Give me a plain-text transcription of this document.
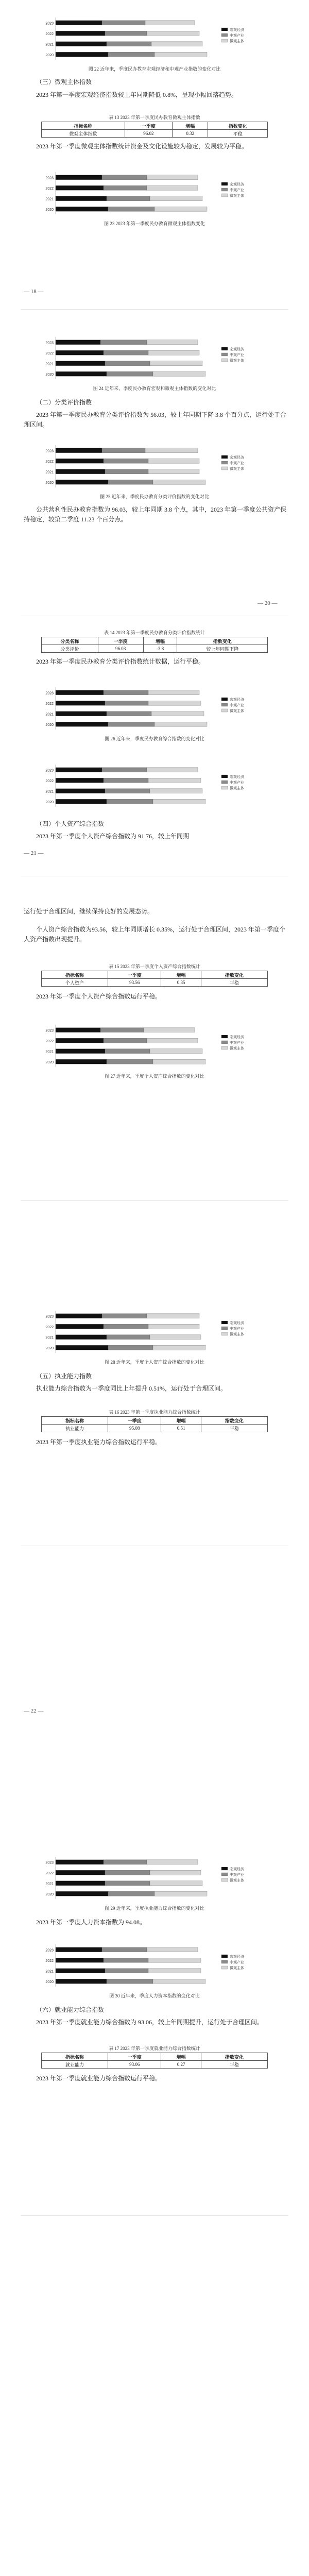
2023
2022
2021
2020
宏观经济
中观产业
微观主体
图 22 近年来，季度民办教育宏观经济和中观产业指数的变化对比
（三）微观主体指数
2023 年第一季度宏观经济指数较上年同期降低 0.8%，呈现小幅回落趋势。
表 13 2023 年第一季度民办教育微观主体指数
指标名称	一季度	增幅	指数变化
微观主体指数	96.02	0.32	平稳
2023 年第一季度微观主体指数统计资金及文化设施较为稳定，发展较为平稳。
2023
2022
2021
2020
宏观经济
中观产业
微观主体
图 23 2023 年第一季度民办教育微观主体指数变化
— 18 —
2023
2022
2021
2020
宏观经济
中观产业
微观主体
图 24 近年来，季度民办教育宏观和微观主体指数的变化对比
（二）分类评价指数
2023 年第一季度民办教育分类评价指数为 56.03，较上年同期下降 3.8 个百分点，运行处于合理区间。
2023
2022
2021
2020
宏观经济
中观产业
微观主体
图 25 近年来，季度民办教育分类评价指数的变化对比
公共营利性民办教育指数为 96.03，较上年同期 3.8 个点，其中，2023 年第一季度公共资产保持稳定，较第二季度 11.23 个百分点。
— 20 —
表 14 2023 年第一季度民办教育分类评价指数统计
分类名称	一季度	增幅	指数变化
分类评价	96.03	-3.8	较上年同期下降
2023 年第一季度民办教育分类评价指数统计数据，运行平稳。
2023
2022
2021
2020
宏观经济
中观产业
微观主体
图 26 近年来，季度民办教育综合指数的变化对比
2023
2022
2021
2020
宏观经济
中观产业
微观主体
（四）个人资产综合指数
2023 年第一季度个人资产综合指数为 91.76，较上年同期
— 21 —
运行处于合理区间，继续保持良好的发展态势。
个人资产综合指数为93.56，较上年同期增长 0.35%，运行处于合理区间，2023 年第一季度个人资产指数出现提升。
表 15 2023 年第一季度个人资产综合指数统计
指标名称	一季度	增幅	指数变化
个人资产	93.56	0.35	平稳
2023 年第一季度个人资产综合指数运行平稳。
2023
2022
2021
2020
宏观经济
中观产业
微观主体
图 27 近年来，季度个人资产综合指数的变化对比
2023
2022
2021
2020
宏观经济
中观产业
微观主体
图 28 近年来，季度个人资产综合指数的变化对比
（五）执业能力指数
执业能力综合指数为一季度同比上年提升 0.51%，运行处于合理区间。
表 16 2023 年第一季度执业能力综合指数统计
指标名称	一季度	增幅	指数变化
执业能力	95.08	0.51	平稳
2023 年第一季度执业能力综合指数运行平稳。
— 22 —
2023
2022
2021
2020
宏观经济
中观产业
微观主体
图 29 近年来，季度执业能力综合指数的变化对比
2023 年第一季度人力资本指数为 94.08。
2023
2022
2021
2020
宏观经济
中观产业
微观主体
图 30 近年来，季度人力资本指数的变化对比
（六）就业能力综合指数
2023 年第一季度就业能力综合指数为 93.06，较上年同期提升，运行处于合理区间。
表 17 2023 年第一季度就业能力综合指数统计
指标名称	一季度	增幅	指数变化
就业能力	93.06	0.27	平稳
2023 年第一季度就业能力综合指数运行平稳。
